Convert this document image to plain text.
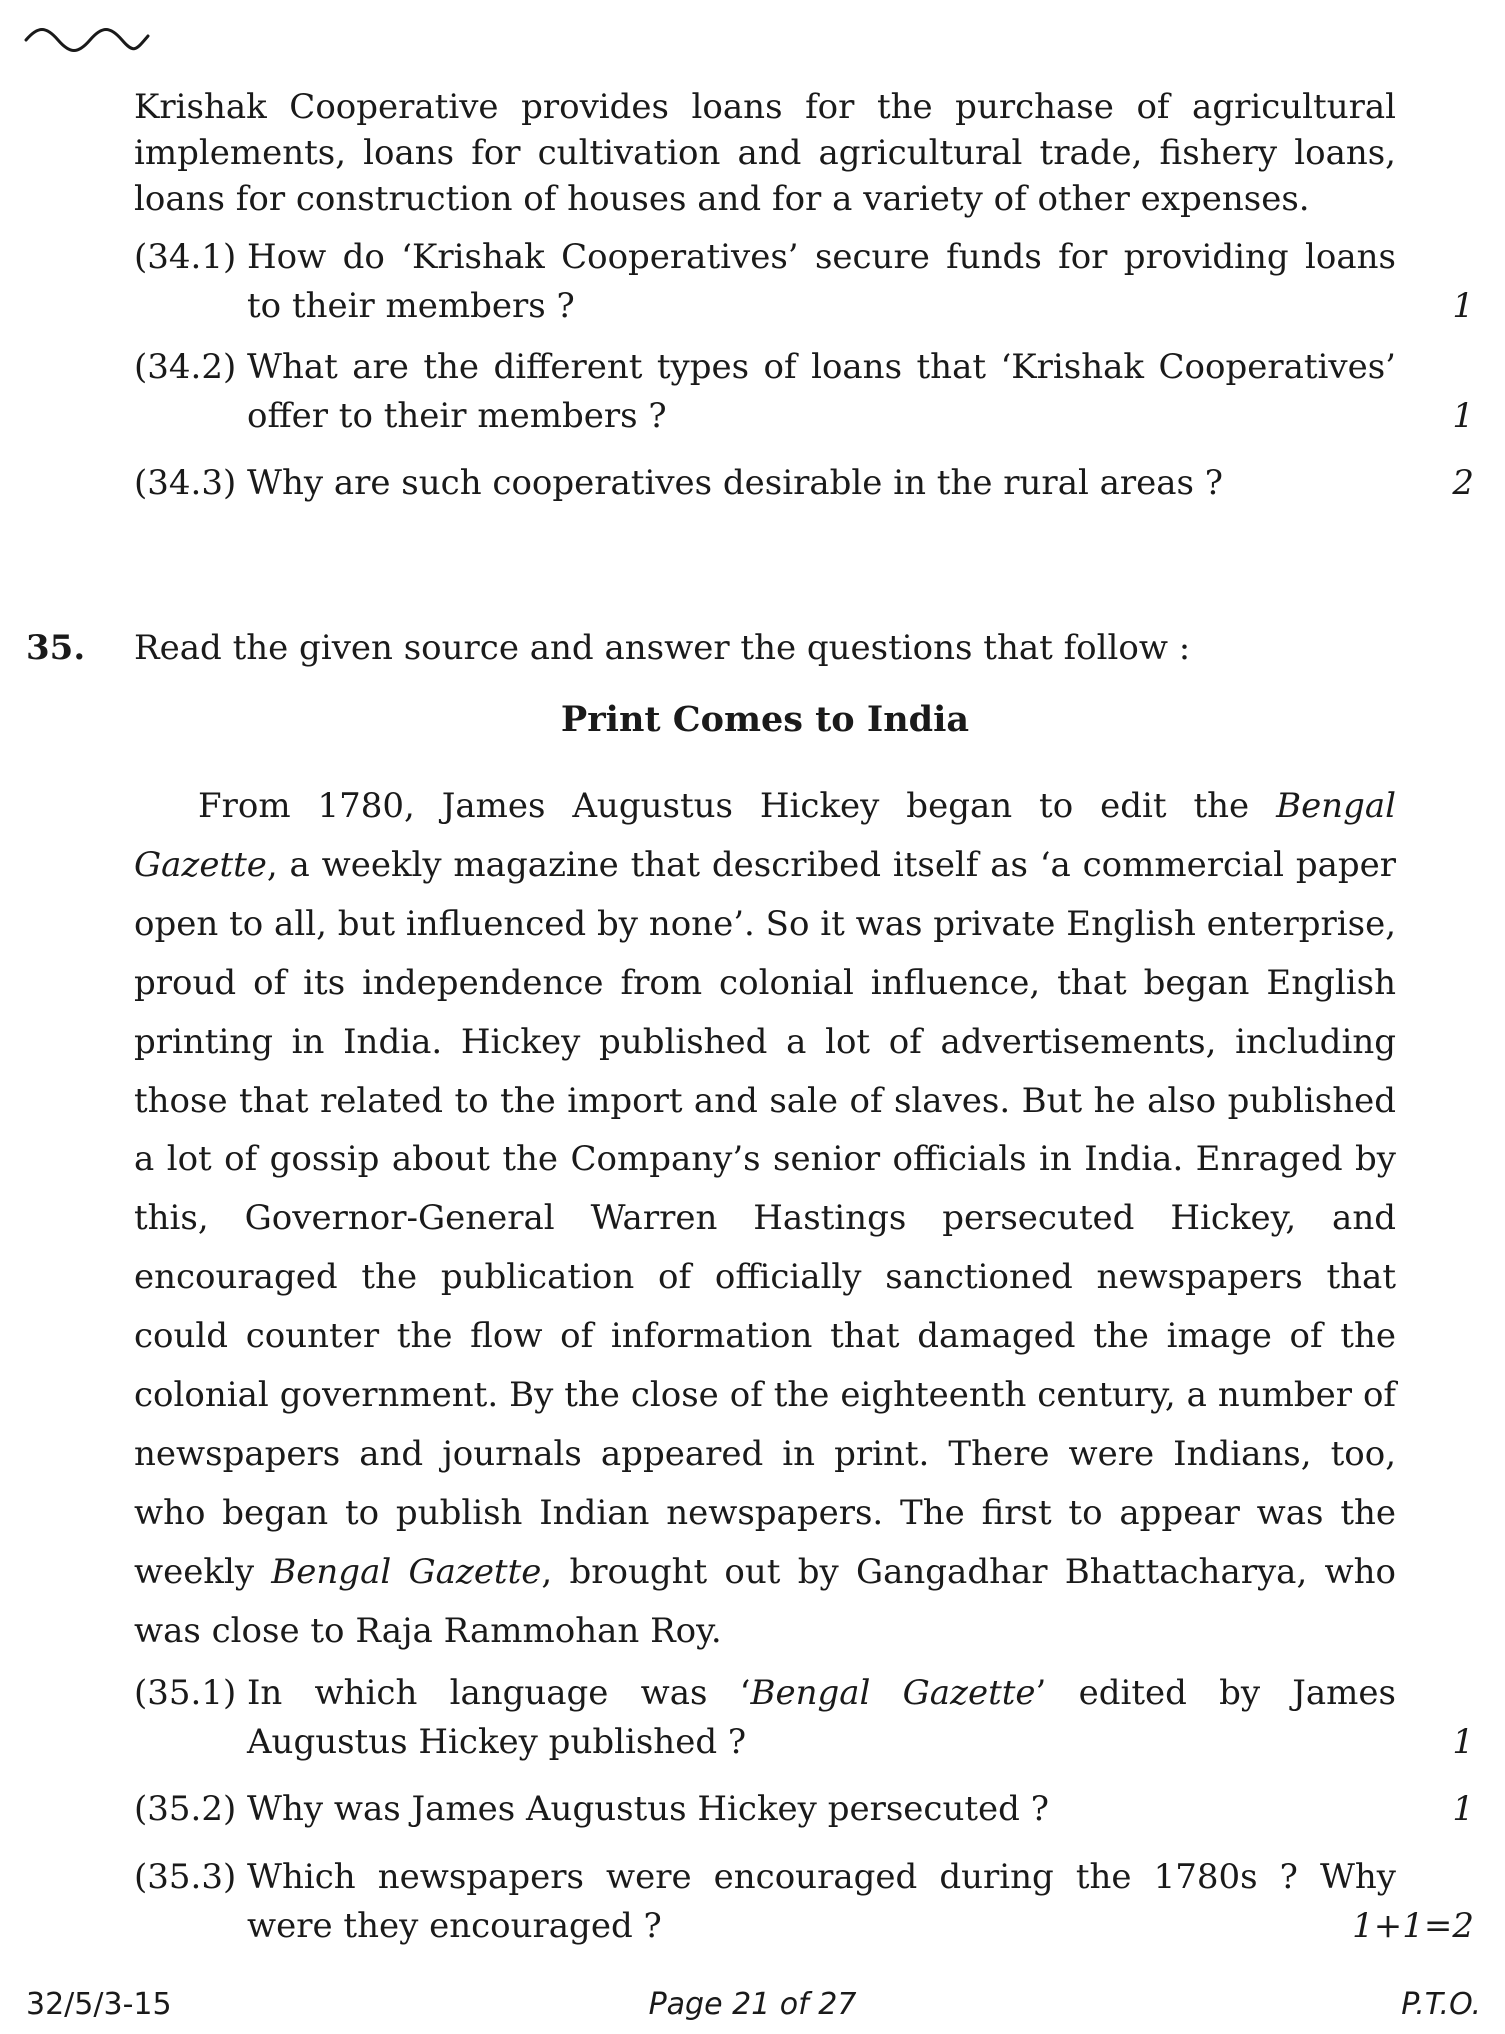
Krishak Cooperative provides loans for the purchase of agricultural implements, loans for cultivation and agricultural trade, fishery loans, loans for construction of houses and for a variety of other expenses.
(34.1) How do ‘Krishak Cooperatives’ secure funds for providing loans to their members ?	1
(34.2) What are the different types of loans that ‘Krishak Cooperatives’ offer to their members ?	1
(34.3) Why are such cooperatives desirable in the rural areas ?	2
35. Read the given source and answer the questions that follow :
Print Comes to India
From 1780, James Augustus Hickey began to edit the Bengal Gazette, a weekly magazine that described itself as ‘a commercial paper open to all, but influenced by none’. So it was private English enterprise, proud of its independence from colonial influence, that began English printing in India. Hickey published a lot of advertisements, including those that related to the import and sale of slaves. But he also published a lot of gossip about the Company’s senior officials in India. Enraged by this, Governor-General Warren Hastings persecuted Hickey, and encouraged the publication of officially sanctioned newspapers that could counter the flow of information that damaged the image of the colonial government. By the close of the eighteenth century, a number of newspapers and journals appeared in print. There were Indians, too, who began to publish Indian newspapers. The first to appear was the weekly Bengal Gazette, brought out by Gangadhar Bhattacharya, who was close to Raja Rammohan Roy.
(35.1) In which language was ‘Bengal Gazette’ edited by James Augustus Hickey published ?	1
(35.2) Why was James Augustus Hickey persecuted ?	1
(35.3) Which newspapers were encouraged during the 1780s ? Why were they encouraged ?	1+1=2
32/5/3-15	Page 21 of 27	P.T.O.
